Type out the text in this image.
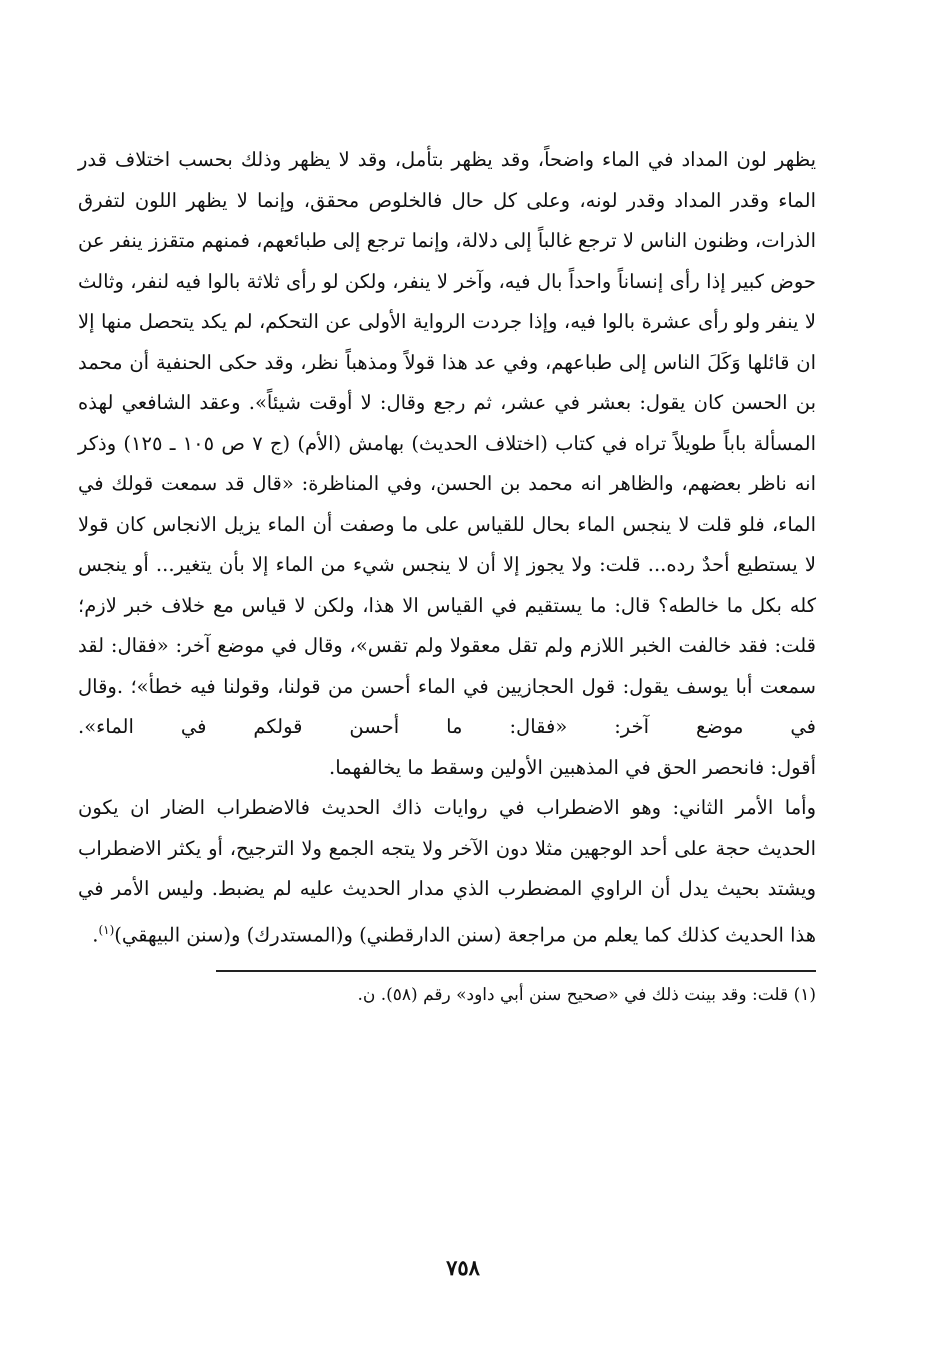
يظهر لون المداد في الماء واضحاً، وقد يظهر بتأمل، وقد لا يظهر وذلك بحسب اختلاف قدر الماء وقدر المداد وقدر لونه، وعلى كل حال فالخلوص محقق، وإنما لا يظهر اللون لتفرق الذرات، وظنون الناس لا ترجع غالباً إلى دلالة، وإنما ترجع إلى طبائعهم، فمنهم متقزز ينفر عن حوض كبير إذا رأى إنساناً واحداً بال فيه، وآخر لا ينفر، ولكن لو رأى ثلاثة بالوا فيه لنفر، وثالث لا ينفر ولو رأى عشرة بالوا فيه، وإذا جردت الرواية الأولى عن التحكم، لم يكد يتحصل منها إلا ان قائلها وَكَلَ الناس إلى طباعهم، وفي عد هذا قولاً ومذهباً نظر، وقد حكى الحنفية أن محمد بن الحسن كان يقول: بعشر في عشر، ثم رجع وقال: لا أوقت شيئاً». وعقد الشافعي لهذه المسألة باباً طويلاً تراه في كتاب (اختلاف الحديث) بهامش (الأم) (ج ٧ ص ١٠٥ ـ ١٢٥) وذكر انه ناظر بعضهم، والظاهر انه محمد بن الحسن، وفي المناظرة: «قال قد سمعت قولك في الماء، فلو قلت لا ينجس الماء بحال للقياس على ما وصفت أن الماء يزيل الانجاس كان قولا لا يستطيع أحدٌ رده... قلت: ولا يجوز إلا أن لا ينجس شيء من الماء إلا بأن يتغير... أو ينجس كله بكل ما خالطه؟ قال: ما يستقيم في القياس الا هذا، ولكن لا قياس مع خلاف خبر لازم؛ قلت: فقد خالفت الخبر اللازم ولم تقل معقولا ولم تقس»، وقال في موضع آخر: «فقال: لقد سمعت أبا يوسف يقول: قول الحجازيين في الماء أحسن من قولنا، وقولنا فيه خطأ»؛ .وقال في موضع آخر: «فقال: ما أحسن قولكم في الماء».

أقول: فانحصر الحق في المذهبين الأولين وسقط ما يخالفهما.

وأما الأمر الثاني: وهو الاضطراب في روايات ذاك الحديث فالاضطراب الضار ان يكون الحديث حجة على أحد الوجهين مثلا دون الآخر ولا يتجه الجمع ولا الترجيح، أو يكثر الاضطراب ويشتد بحيث يدل أن الراوي المضطرب الذي مدار الحديث عليه لم يضبط. وليس الأمر في هذا الحديث كذلك كما يعلم من مراجعة (سنن الدارقطني) و(المستدرك) و(سنن البيهقي)$^{(١)}$.

(١) قلت: وقد بينت ذلك في «صحيح سنن أبي داود» رقم (٥٨). ن.

٧٥٨
